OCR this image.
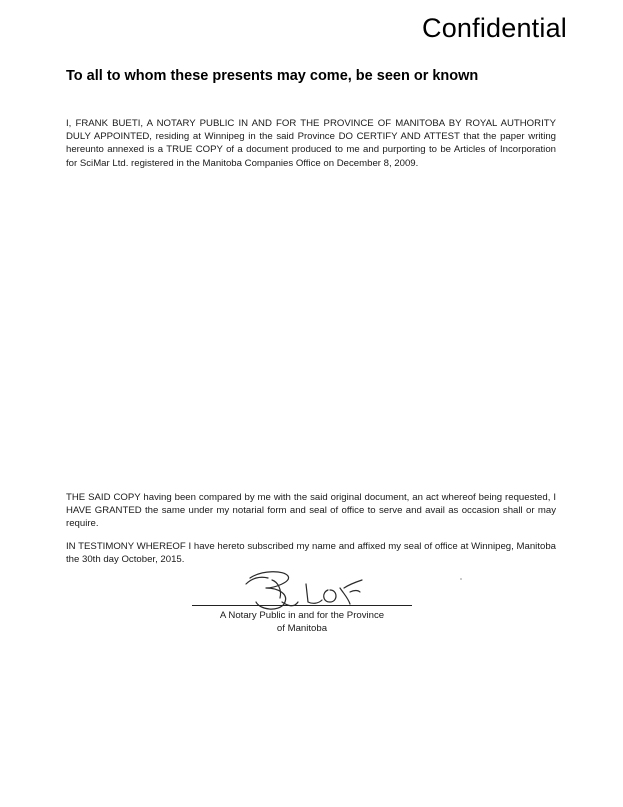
Confidential
To all to whom these presents may come, be seen or known
I, FRANK BUETI, A NOTARY PUBLIC IN AND FOR THE PROVINCE OF MANITOBA BY ROYAL AUTHORITY DULY APPOINTED, residing at Winnipeg in the said Province DO CERTIFY AND ATTEST that the paper writing hereunto annexed is a TRUE COPY of a document produced to me and purporting to be Articles of Incorporation for SciMar Ltd. registered in the Manitoba Companies Office on December 8, 2009.
THE SAID COPY having been compared by me with the said original document, an act whereof being requested, I HAVE GRANTED the same under my notarial form and seal of office to serve and avail as occasion shall or may require.
IN TESTIMONY WHEREOF I have hereto subscribed my name and affixed my seal of office at Winnipeg, Manitoba the 30th day October, 2015.
A Notary Public in and for the Province
of Manitoba
